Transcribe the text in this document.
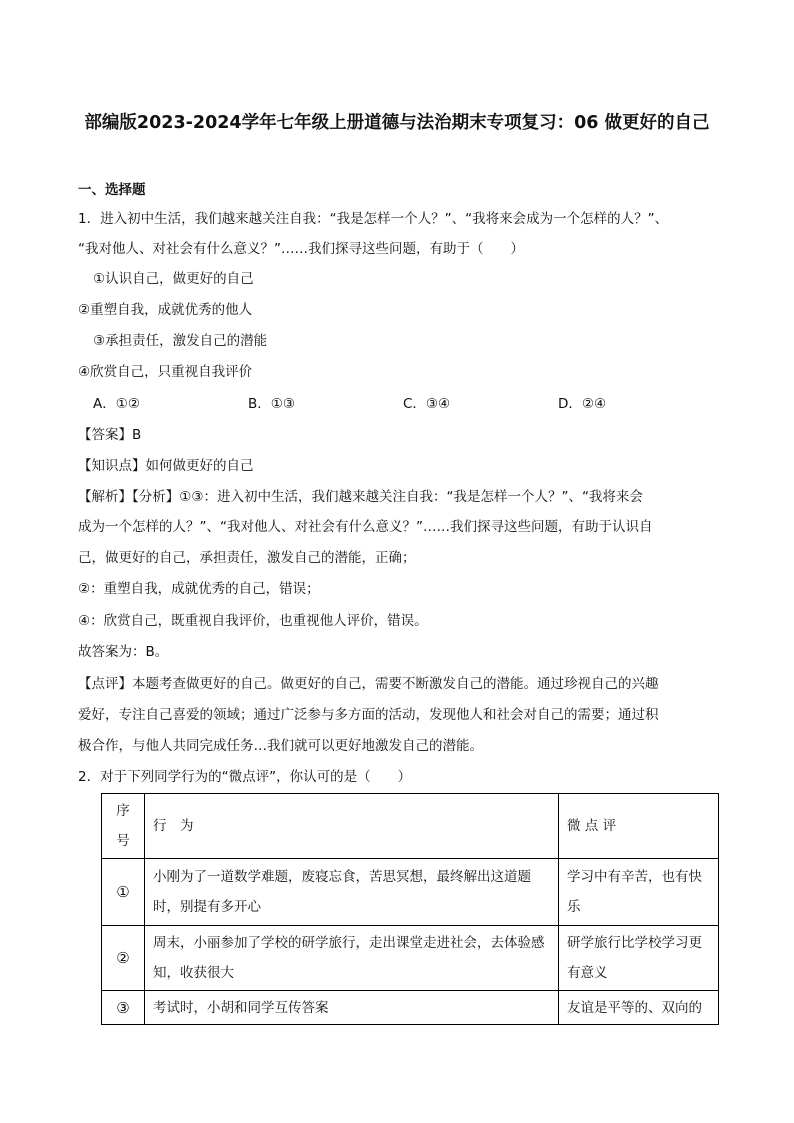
部编版2023-2024学年七年级上册道德与法治期末专项复习：06 做更好的自己
一、选择题
1．进入初中生活，我们越来越关注自我：“我是怎样一个人？”、“我将来会成为一个怎样的人？”、
“我对他人、对社会有什么意义？”……我们探寻这些问题，有助于（　　）
①认识自己，做更好的自己
②重塑自我，成就优秀的他人
③承担责任，激发自己的潜能
④欣赏自己，只重视自我评价
A．①②	B．①③	C．③④	D．②④
【答案】B
【知识点】如何做更好的自己
【解析】【分析】①③：进入初中生活，我们越来越关注自我：“我是怎样一个人？”、“我将来会
成为一个怎样的人？”、“我对他人、对社会有什么意义？”……我们探寻这些问题，有助于认识自
己，做更好的自己，承担责任，激发自己的潜能，正确；
②：重塑自我，成就优秀的自己，错误；
④：欣赏自己，既重视自我评价，也重视他人评价，错误。
故答案为：B。
【点评】本题考查做更好的自己。做更好的自己，需要不断激发自己的潜能。通过珍视自己的兴趣
爱好，专注自己喜爱的领域；通过广泛参与多方面的活动，发现他人和社会对自己的需要；通过积
极合作，与他人共同完成任务…我们就可以更好地激发自己的潜能。
2．对于下列同学行为的“微点评”，你认可的是（　　）
序号	行　为	微 点 评
①	小刚为了一道数学难题，废寝忘食，苦思冥想，最终解出这道题时，别提有多开心	学习中有辛苦，也有快乐
②	周末，小丽参加了学校的研学旅行，走出课堂走进社会，去体验感知，收获很大	研学旅行比学校学习更有意义
③	考试时，小胡和同学互传答案	友谊是平等的、双向的
